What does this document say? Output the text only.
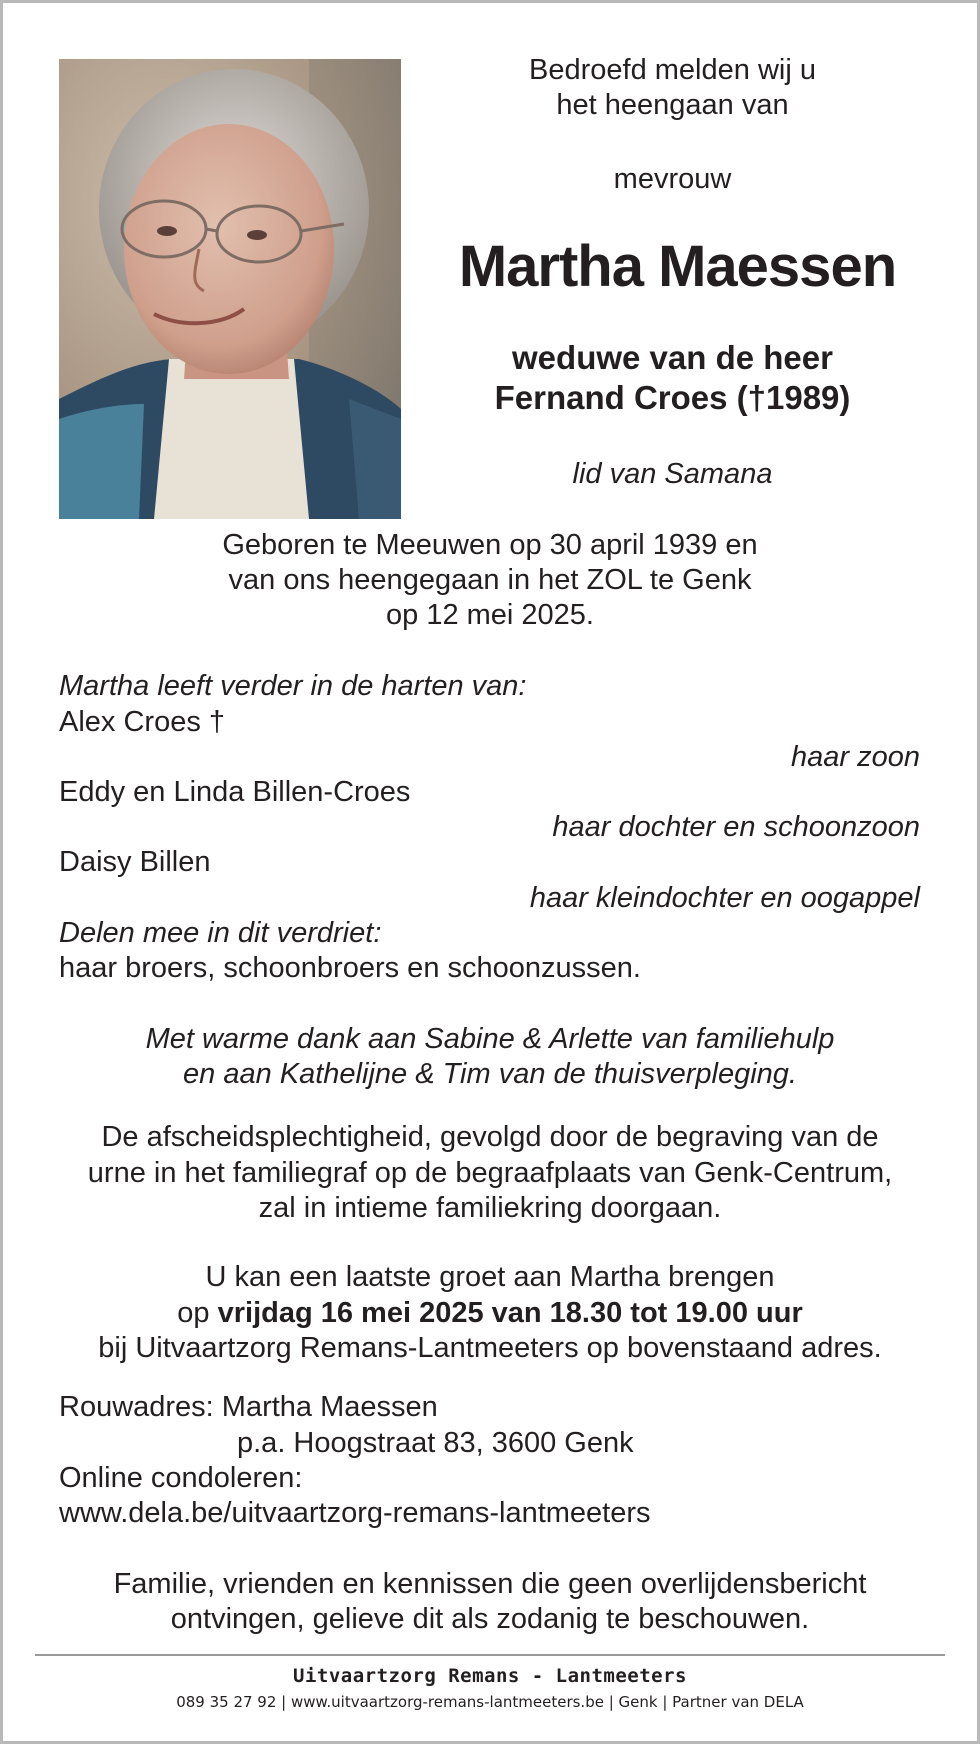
Bedroefd melden wij u

het heengaan van

mevrouw

Martha Maessen

weduwe van de heer

Fernand Croes (†1989)

lid van Samana

Geboren te Meeuwen op 30 april 1939 en

van ons heengegaan in het ZOL te Genk

op 12 mei 2025.

Martha leeft verder in de harten van:

Alex Croes †

haar zoon

Eddy en Linda Billen-Croes

haar dochter en schoonzoon

Daisy Billen

haar kleindochter en oogappel

Delen mee in dit verdriet:

haar broers, schoonbroers en schoonzussen.

Met warme dank aan Sabine & Arlette van familiehulp

en aan Kathelijne & Tim van de thuisverpleging.

De afscheidsplechtigheid, gevolgd door de begraving van de

urne in het familiegraf op de begraafplaats van Genk-Centrum,

zal in intieme familiekring doorgaan.

U kan een laatste groet aan Martha brengen

op vrijdag 16 mei 2025 van 18.30 tot 19.00 uur

bij Uitvaartzorg Remans-Lantmeeters op bovenstaand adres.

Rouwadres: Martha Maessen

p.a. Hoogstraat 83, 3600 Genk

Online condoleren:

www.dela.be/uitvaartzorg-remans-lantmeeters

Familie, vrienden en kennissen die geen overlijdensbericht

ontvingen, gelieve dit als zodanig te beschouwen.

Uitvaartzorg Remans - Lantmeeters
089 35 27 92 | www.uitvaartzorg-remans-lantmeeters.be | Genk | Partner van DELA
